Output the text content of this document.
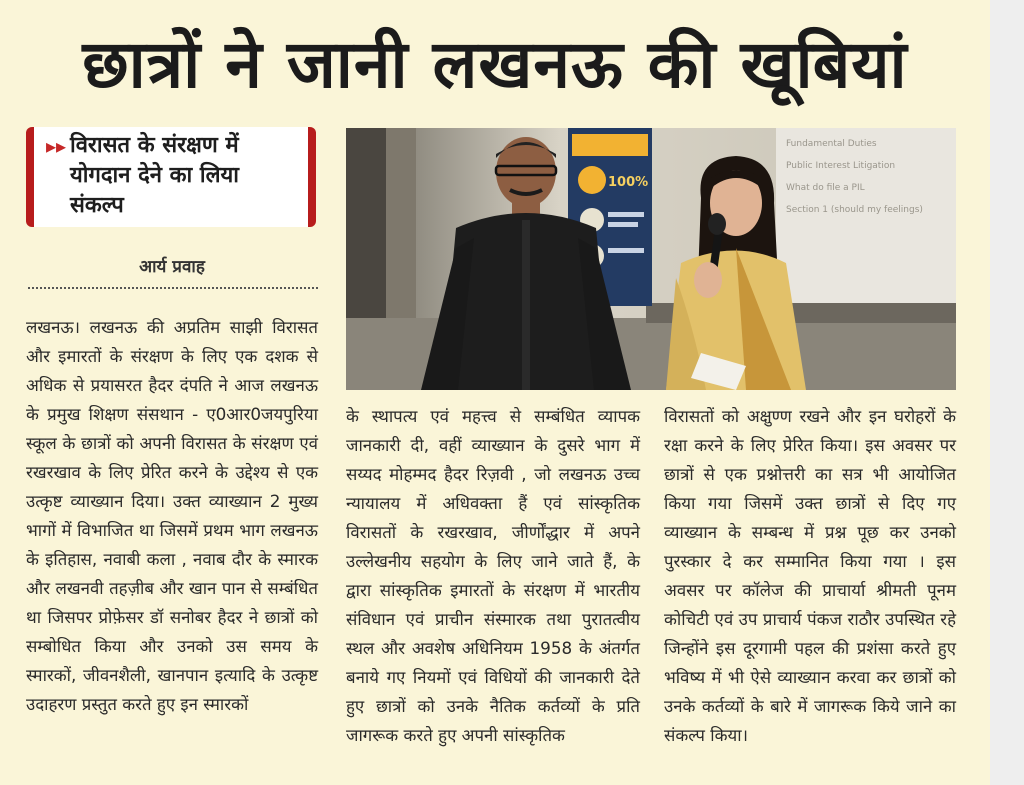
छात्रों ने जानी लखनऊ की खूबियां
▸▸ विरासत के संरक्षण में
योगदान देने का लिया
संकल्प
आर्य प्रवाह

लखनऊ। लखनऊ की अप्रतिम साझी विरासत और इमारतों के संरक्षण के लिए एक दशक से अधिक से प्रयासरत हैदर दंपति ने आज लखनऊ के प्रमुख शिक्षण संसथान - ए0आर0जयपुरिया स्कूल के छात्रों को अपनी विरासत के संरक्षण एवं रखरखाव के लिए प्रेरित करने के उद्देश्य से एक उत्कृष्ट व्याख्यान दिया। उक्त व्याख्यान 2 मुख्य भागों में विभाजित था जिसमें प्रथम भाग लखनऊ के इतिहास, नवाबी कला , नवाब दौर के स्मारक और लखनवी तहज़ीब और खान पान से सम्बंधित था जिसपर प्रोफ़ेसर डॉ सनोबर हैदर ने छात्रों को सम्बोधित किया और उनको उस समय के स्मारकों, जीवनशैली, खानपान इत्यादि के उत्कृष्ट उदाहरण प्रस्तुत करते हुए इन स्मारकों

Fundamental Duties
Public Interest Litigation
What do file a PIL
Section 1 (should my feelings)
100%

के स्थापत्य एवं महत्त्व से सम्बंधित व्यापक जानकारी दी, वहीं व्याख्यान के दुसरे भाग में सय्यद मोहम्मद हैदर रिज़वी , जो लखनऊ उच्च न्यायालय में अधिवक्ता हैं एवं सांस्कृतिक विरासतों के रखरखाव, जीर्णोंद्धार में अपने उल्लेखनीय सहयोग के लिए जाने जाते हैं, के द्वारा सांस्कृतिक इमारतों के संरक्षण में भारतीय संविधान एवं प्राचीन संस्मारक तथा पुरातत्वीय स्थल और अवशेष अधिनियम 1958 के अंतर्गत बनाये गए नियमों एवं विधियों की जानकारी देते हुए छात्रों को उनके नैतिक कर्तव्यों के प्रति जागरूक करते हुए अपनी सांस्कृतिक

विरासतों को अक्षुण्ण रखने और इन घरोहरों के रक्षा करने के लिए प्रेरित किया। इस अवसर पर छात्रों से एक प्रश्नोत्तरी का सत्र भी आयोजित किया गया जिसमें उक्त छात्रों से दिए गए व्याख्यान के सम्बन्ध में प्रश्न पूछ कर उनको पुरस्कार दे कर सम्मानित किया गया । इस अवसर पर कॉलेज की प्राचार्या श्रीमती पूनम कोचिटी एवं उप प्राचार्य पंकज राठौर उपस्थित रहे जिन्होंने इस दूरगामी पहल की प्रशंसा करते हुए भविष्य में भी ऐसे व्याख्यान करवा कर छात्रों को उनके कर्तव्यों के बारे में जागरूक किये जाने का संकल्प किया।
